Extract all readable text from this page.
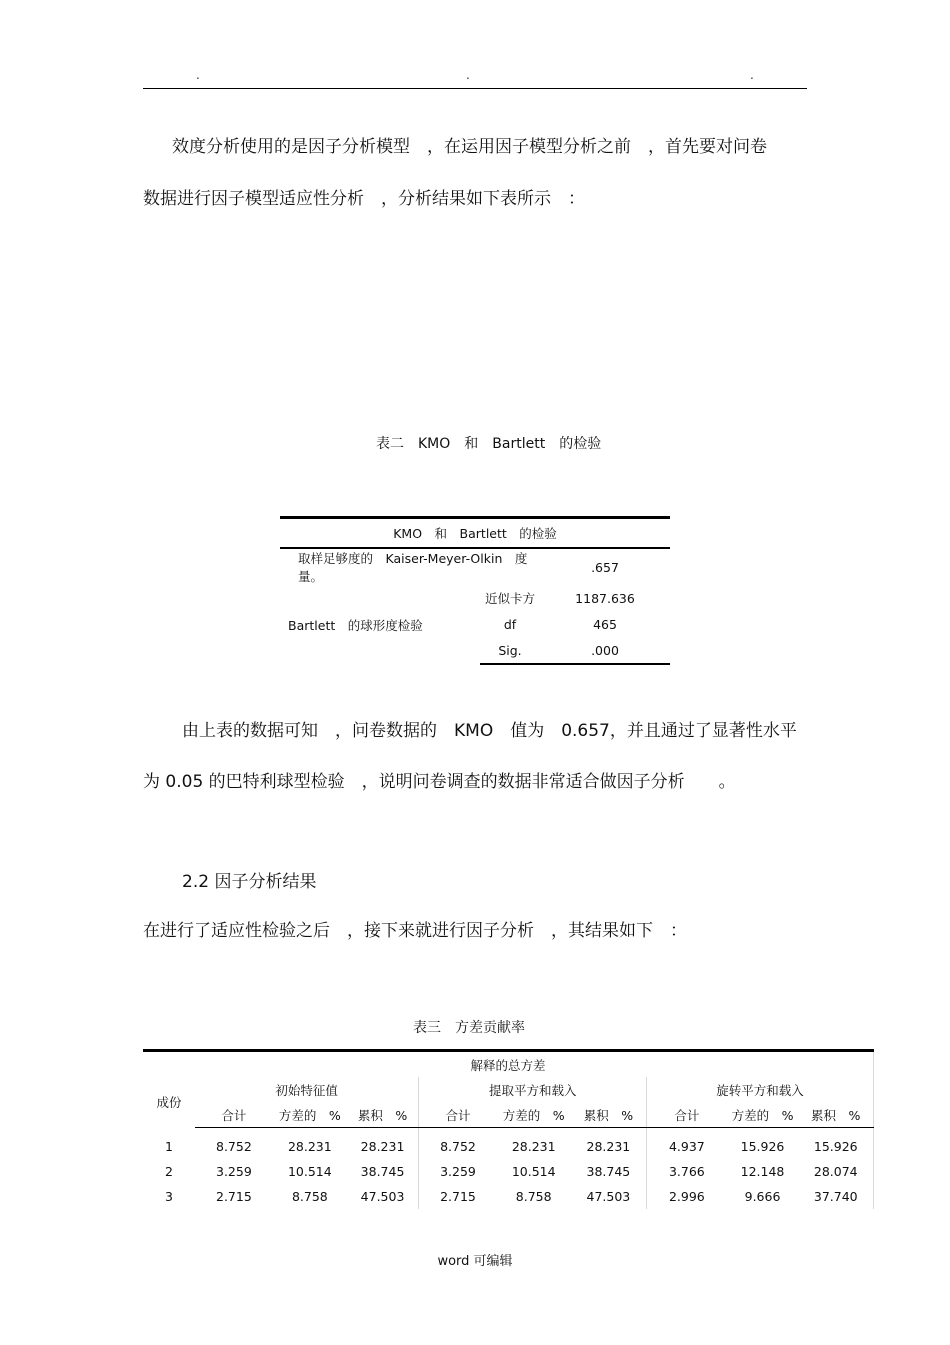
.	.	.
效度分析使用的是因子分析模型　，在运用因子模型分析之前　，首先要对问卷
数据进行因子模型适应性分析　，分析结果如下表所示　：
表二　KMO　和　Bartlett　的检验
KMO　和　Bartlett　的检验		
取样足够度的　Kaiser-Meyer-Olkin　度量。		.657
Bartlett　的球形度检验	近似卡方	1187.636
	df	465
	Sig.	.000
由上表的数据可知　，问卷数据的　KMO　值为　0.657，并且通过了显著性水平
为 0.05 的巴特利球型检验　，说明问卷调查的数据非常适合做因子分析　　。
2.2 因子分析结果
在进行了适应性检验之后　，接下来就进行因子分析　，其结果如下　：
表三　方差贡献率
解释的总方差									
成份	初始特征值			提取平方和载入			旋转平方和载入		
	合计	方差的　%	累积　%	合计	方差的　%	累积　%	合计	方差的　%	累积　%
1	8.752	28.231	28.231	8.752	28.231	28.231	4.937	15.926	15.926
2	3.259	10.514	38.745	3.259	10.514	38.745	3.766	12.148	28.074
3	2.715	8.758	47.503	2.715	8.758	47.503	2.996	9.666	37.740
word 可编辑
